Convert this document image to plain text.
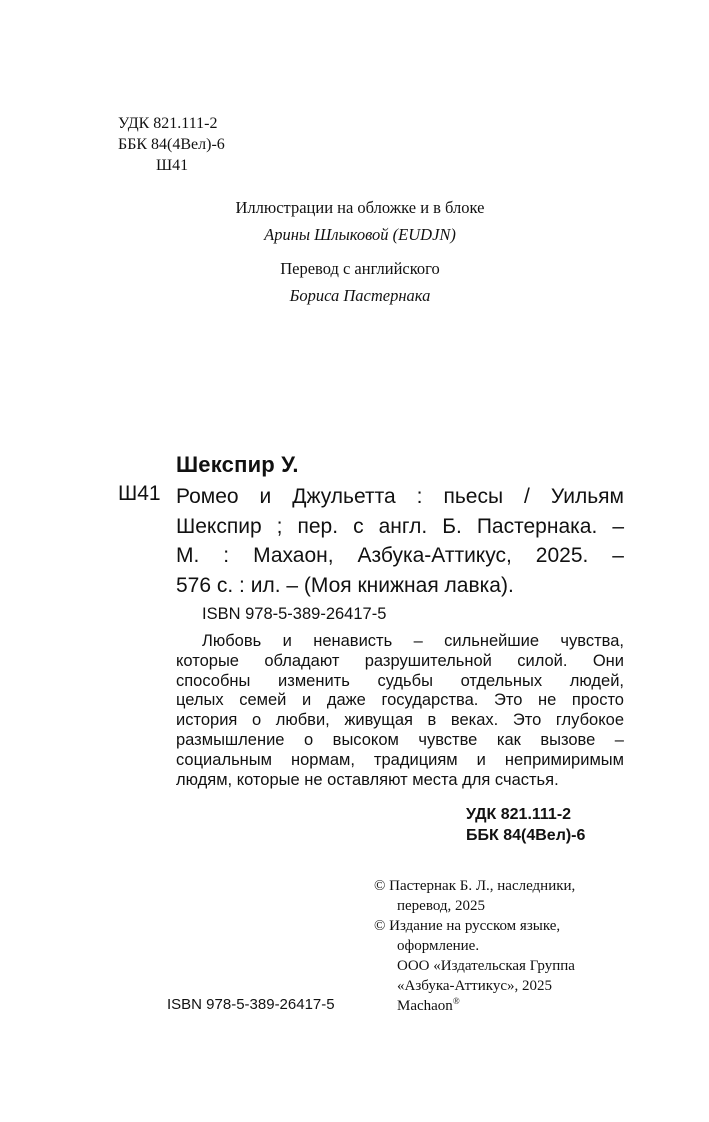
УДК 821.111-2
ББК 84(4Вел)-6
Ш41
Иллюстрации на обложке и в блоке
Арины Шлыковой (EUDJN)
Перевод с английского
Бориса Пастернака
Шекспир У.
Ш41 Ромео и Джульетта : пьесы / Уильям
Шекспир ; пер. с англ. Б. Пастернака. –
М. : Махаон, Азбука-Аттикус, 2025. –
576 с. : ил. – (Моя книжная лавка).
ISBN 978-5-389-26417-5
Любовь и ненависть – сильнейшие чувства,
которые обладают разрушительной силой. Они
способны изменить судьбы отдельных людей,
целых семей и даже государства. Это не просто
история о любви, живущая в веках. Это глубокое
размышление о высоком чувстве как вызове –
социальным нормам, традициям и непримиримым
людям, которые не оставляют места для счастья.
УДК 821.111-2
ББК 84(4Вел)-6
© Пастернак Б. Л., наследники,
перевод, 2025
© Издание на русском языке,
оформление.
ООО «Издательская Группа
«Азбука-Аттикус», 2025
Machaon®
ISBN 978-5-389-26417-5
